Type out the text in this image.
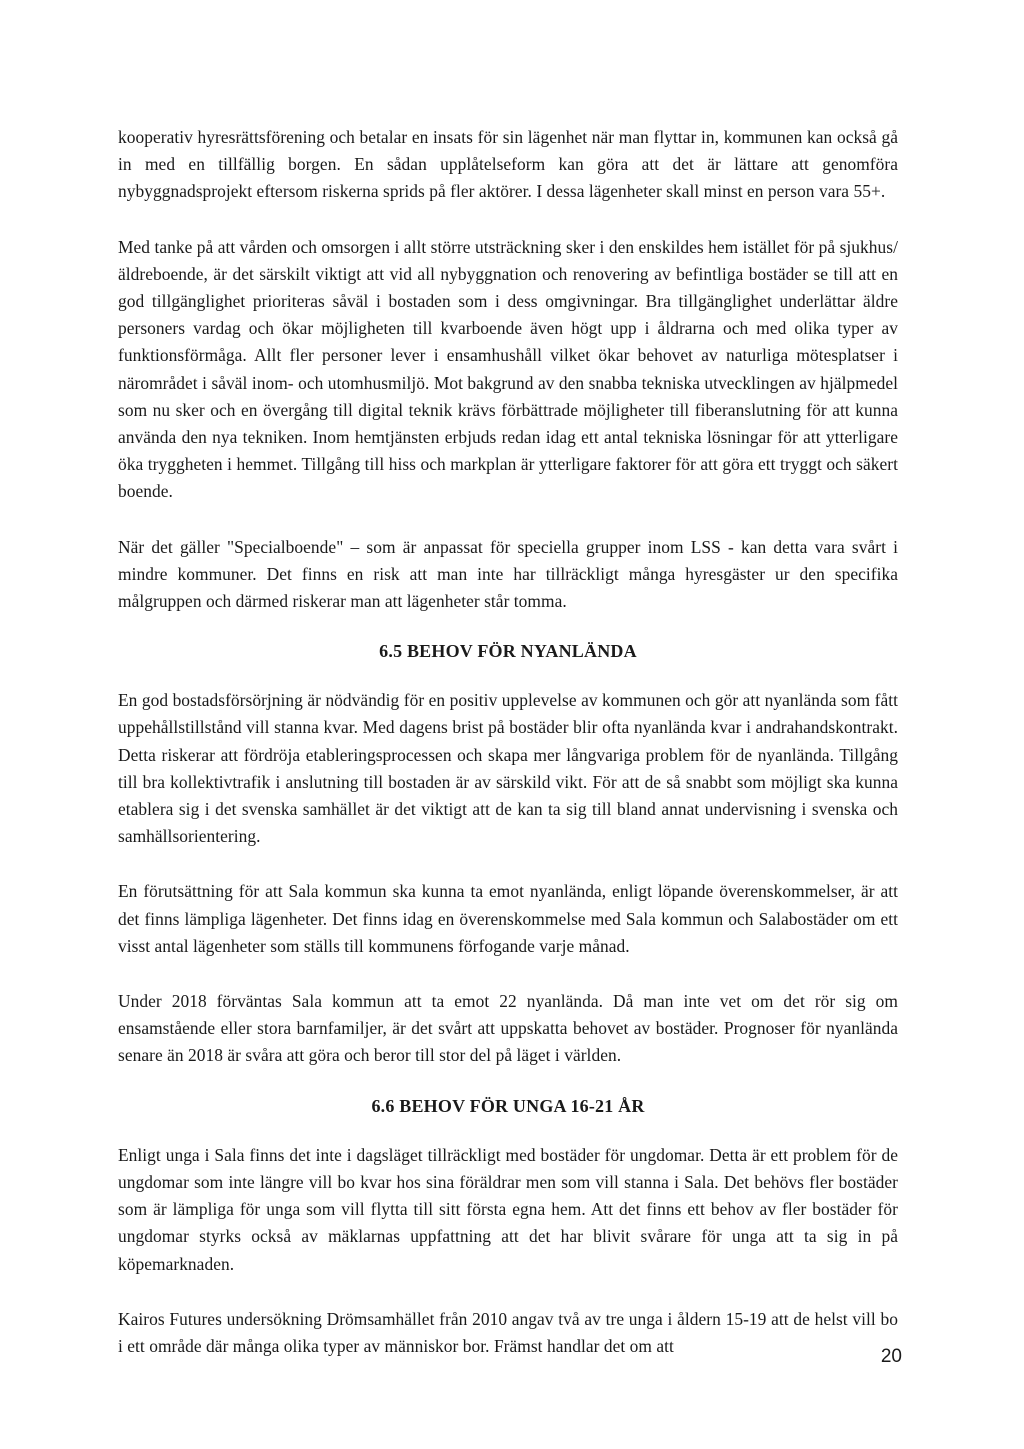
kooperativ hyresrättsförening och betalar en insats för sin lägenhet när man flyttar in, kommunen kan också gå in med en tillfällig borgen. En sådan upplåtelseform kan göra att det är lättare att genomföra nybyggnadsprojekt eftersom riskerna sprids på fler aktörer. I dessa lägenheter skall minst en person vara 55+.

Med tanke på att vården och omsorgen i allt större utsträckning sker i den enskildes hem istället för på sjukhus/äldreboende, är det särskilt viktigt att vid all nybyggnation och renovering av befintliga bostäder se till att en god tillgänglighet prioriteras såväl i bostaden som i dess omgivningar. Bra tillgänglighet underlättar äldre personers vardag och ökar möjligheten till kvarboende även högt upp i åldrarna och med olika typer av funktionsförmåga. Allt fler personer lever i ensamhushåll vilket ökar behovet av naturliga mötesplatser i närområdet i såväl inom- och utomhusmiljö. Mot bakgrund av den snabba tekniska utvecklingen av hjälpmedel som nu sker och en övergång till digital teknik krävs förbättrade möjligheter till fiberanslutning för att kunna använda den nya tekniken. Inom hemtjänsten erbjuds redan idag ett antal tekniska lösningar för att ytterligare öka tryggheten i hemmet. Tillgång till hiss och markplan är ytterligare faktorer för att göra ett tryggt och säkert boende.

När det gäller "Specialboende" – som är anpassat för speciella grupper inom LSS - kan detta vara svårt i mindre kommuner. Det finns en risk att man inte har tillräckligt många hyresgäster ur den specifika målgruppen och därmed riskerar man att lägenheter står tomma.

6.5 BEHOV FÖR NYANLÄNDA

En god bostadsförsörjning är nödvändig för en positiv upplevelse av kommunen och gör att nyanlända som fått uppehållstillstånd vill stanna kvar. Med dagens brist på bostäder blir ofta nyanlända kvar i andrahandskontrakt. Detta riskerar att fördröja etableringsprocessen och skapa mer långvariga problem för de nyanlända. Tillgång till bra kollektivtrafik i anslutning till bostaden är av särskild vikt. För att de så snabbt som möjligt ska kunna etablera sig i det svenska samhället är det viktigt att de kan ta sig till bland annat undervisning i svenska och samhällsorientering.

En förutsättning för att Sala kommun ska kunna ta emot nyanlända, enligt löpande överenskommelser, är att det finns lämpliga lägenheter. Det finns idag en överenskommelse med Sala kommun och Salabostäder om ett visst antal lägenheter som ställs till kommunens förfogande varje månad.

Under 2018 förväntas Sala kommun att ta emot 22 nyanlända. Då man inte vet om det rör sig om ensamstående eller stora barnfamiljer, är det svårt att uppskatta behovet av bostäder. Prognoser för nyanlända senare än 2018 är svåra att göra och beror till stor del på läget i världen.

6.6 BEHOV FÖR UNGA 16-21 ÅR

Enligt unga i Sala finns det inte i dagsläget tillräckligt med bostäder för ungdomar. Detta är ett problem för de ungdomar som inte längre vill bo kvar hos sina föräldrar men som vill stanna i Sala. Det behövs fler bostäder som är lämpliga för unga som vill flytta till sitt första egna hem. Att det finns ett behov av fler bostäder för ungdomar styrks också av mäklarnas uppfattning att det har blivit svårare för unga att ta sig in på köpemarknaden.

Kairos Futures undersökning Drömsamhället från 2010 angav två av tre unga i åldern 15-19 att de helst vill bo i ett område där många olika typer av människor bor. Främst handlar det om att

20
